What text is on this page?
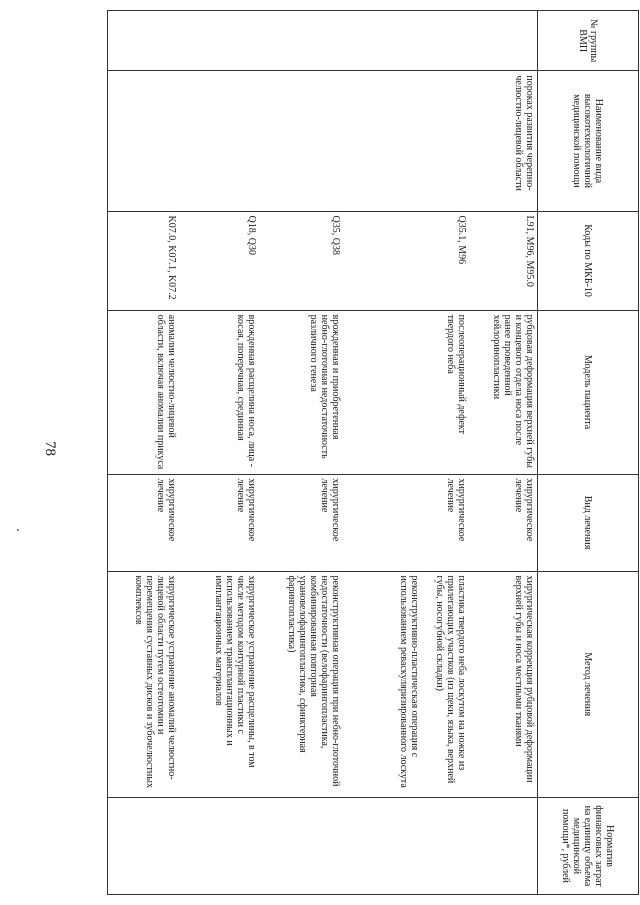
78
.
№ группы ВМП	Наименование вида высокотехнологичной медицинской помощи	Коды по МКБ-10	Модель пациента	Вид лечения	Метод лечения	Норматив финансовых затрат на единицу объема медицинской помощи*, рублей
	пороках развития черепно-челюстно-лицевой области	L91, M96, M95.0	рубцовая деформация верхней губы и концевого отдела носа после ранее проведенной хейлоринопластики	хирургическое лечение	хирургическая коррекция рубцовой деформации верхней губы и носа местными тканями	

		Q35.1, M96	послеоперационный дефект твердого неба	хирургическое лечение	пластика твердого неба лоскутом на ножке из прилегающих участков (из щеки, языка, верхней губы, носогубной складки)

реконструктивно-пластическая операция с использованием реваскуляризированного лоскута	

		Q35, Q38	врожденная и приобретенная небно-глоточная недостаточность различного генеза	хирургическое лечение	реконструктивная операция при небно-глоточной недостаточности (велофарингопластика, комбинированная повторная урановелофарингопластика, сфинктерная фарингопластика)	

		Q18, Q30	врожденная расщелина носа, лица - косая, поперечная, срединная	хирургическое лечение	хирургическое устранение расщелины, в том числе методом контурной пластики с использованием трансплантационных и имплантационных материалов	

		K07.0, K07.1, K07.2	аномалии челюстно-лицевой области, включая аномалии прикуса	хирургическое лечение	хирургическое устранение аномалий челюстно-лицевой области путем остеотомии и перемещения суставных дисков и зубочелюстных комплексов	
